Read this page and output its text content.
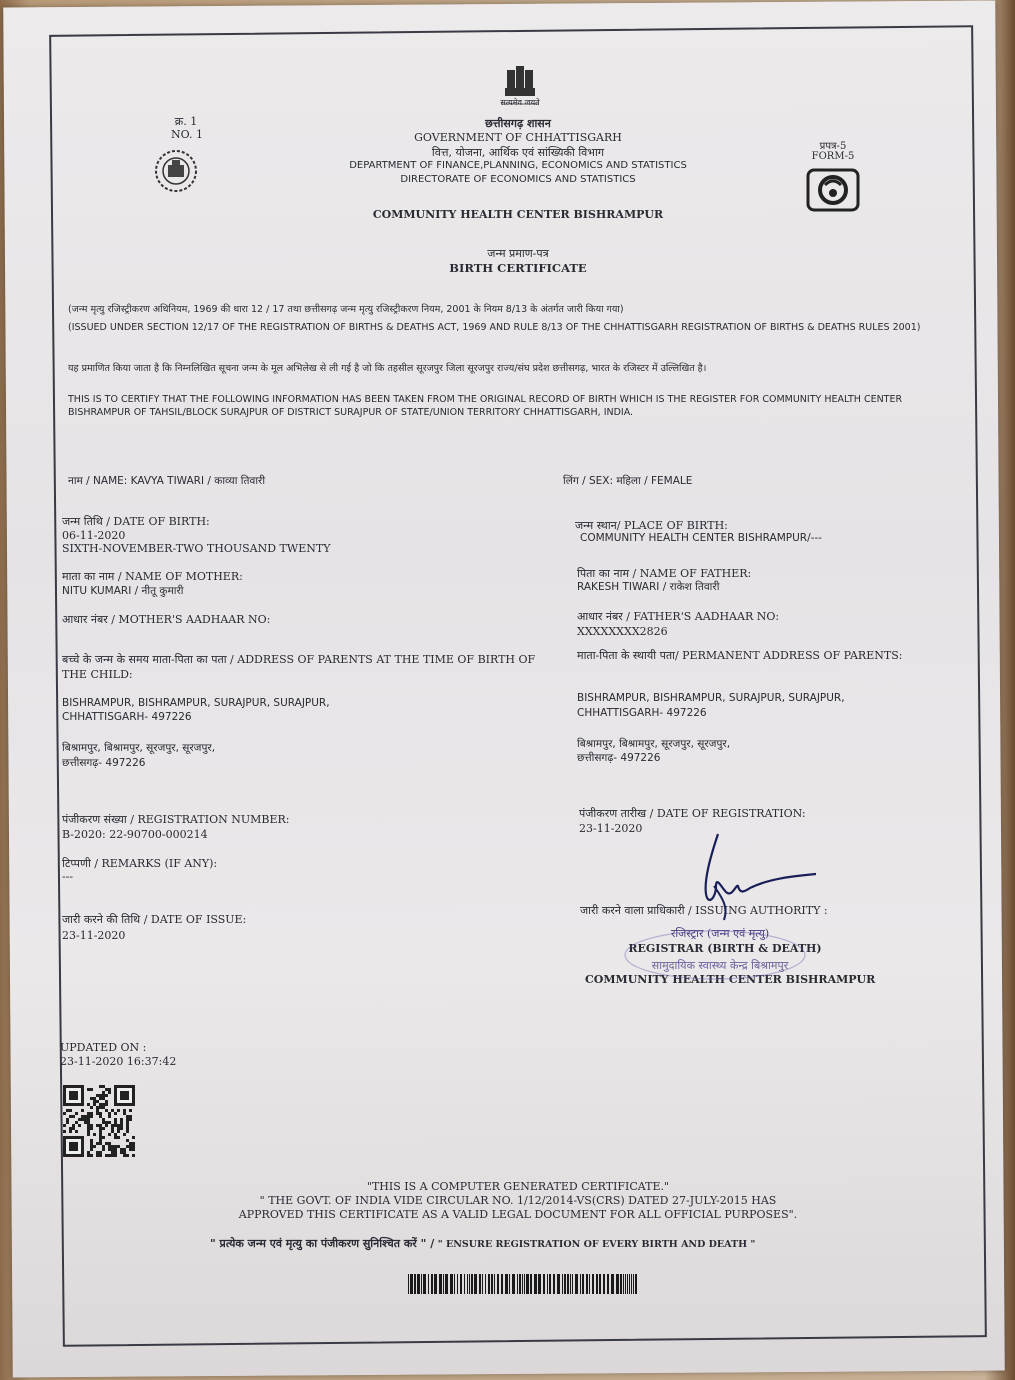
क्र. 1
NO. 1
सत्यमेव जयते
छत्तीसगढ़ शासन
GOVERNMENT OF CHHATTISGARH
वित्त, योजना, आर्थिक एवं सांख्यिकी विभाग
DEPARTMENT OF FINANCE,PLANNING, ECONOMICS AND STATISTICS
DIRECTORATE OF ECONOMICS AND STATISTICS
COMMUNITY HEALTH CENTER BISHRAMPUR
जन्म प्रमाण-पत्र
BIRTH CERTIFICATE
प्रपत्र-5
FORM-5
(जन्म मृत्यु रजिस्ट्रीकरण अधिनियम, 1969 की धारा 12 / 17 तथा छत्तीसगढ़ जन्म मृत्यु रजिस्ट्रीकरण नियम, 2001 के नियम 8/13 के अंतर्गत जारी किया गया)
(ISSUED UNDER SECTION 12/17 OF THE REGISTRATION OF BIRTHS & DEATHS ACT, 1969 AND RULE 8/13 OF THE CHHATTISGARH REGISTRATION OF BIRTHS & DEATHS RULES 2001)
यह प्रमाणित किया जाता है कि निम्नलिखित सूचना जन्म के मूल अभिलेख से ली गई है जो कि तहसील सूरजपुर जिला सूरजपुर राज्य/संघ प्रदेश छत्तीसगढ़, भारत के रजिस्टर में उल्लिखित है।
THIS IS TO CERTIFY THAT THE FOLLOWING INFORMATION HAS BEEN TAKEN FROM THE ORIGINAL RECORD OF BIRTH WHICH IS THE REGISTER FOR COMMUNITY HEALTH CENTER BISHRAMPUR OF TAHSIL/BLOCK SURAJPUR OF DISTRICT SURAJPUR OF STATE/UNION TERRITORY CHHATTISGARH, INDIA.
नाम / NAME: KAVYA TIWARI / काव्या तिवारी	लिंग / SEX: महिला / FEMALE
जन्म तिथि / DATE OF BIRTH:
06-11-2020
SIXTH-NOVEMBER-TWO THOUSAND TWENTY
जन्म स्थान/ PLACE OF BIRTH:
COMMUNITY HEALTH CENTER BISHRAMPUR/---
माता का नाम / NAME OF MOTHER:
NITU KUMARI / नीतू कुमारी
पिता का नाम / NAME OF FATHER:
RAKESH TIWARI / राकेश तिवारी
आधार नंबर / MOTHER'S AADHAAR NO:	आधार नंबर / FATHER'S AADHAAR NO:
XXXXXXXX2826
बच्चे के जन्म के समय माता-पिता का पता / ADDRESS OF PARENTS AT THE TIME OF BIRTH OF THE CHILD:
माता-पिता के स्थायी पता/ PERMANENT ADDRESS OF PARENTS:
BISHRAMPUR, BISHRAMPUR, SURAJPUR, SURAJPUR,
CHHATTISGARH- 497226
बिश्रामपुर, बिश्रामपुर, सूरजपुर, सूरजपुर,
छत्तीसगढ़- 497226
BISHRAMPUR, BISHRAMPUR, SURAJPUR, SURAJPUR,
CHHATTISGARH- 497226
बिश्रामपुर, बिश्रामपुर, सूरजपुर, सूरजपुर,
छत्तीसगढ़- 497226
पंजीकरण संख्या / REGISTRATION NUMBER:
B-2020: 22-90700-000214
पंजीकरण तारीख / DATE OF REGISTRATION:
23-11-2020
टिप्पणी / REMARKS (IF ANY):
---
जारी करने की तिथि / DATE OF ISSUE:
23-11-2020
जारी करने वाला प्राधिकारी / ISSUING AUTHORITY :
रजिस्ट्रार (जन्म एवं मृत्यु)
REGISTRAR (BIRTH & DEATH)
सामुदायिक स्वास्थ्य केन्द्र बिश्रामपुर
COMMUNITY HEALTH CENTER BISHRAMPUR
UPDATED ON :
23-11-2020 16:37:42
"THIS IS A COMPUTER GENERATED CERTIFICATE."
" THE GOVT. OF INDIA VIDE CIRCULAR NO. 1/12/2014-VS(CRS) DATED 27-JULY-2015 HAS
APPROVED THIS CERTIFICATE AS A VALID LEGAL DOCUMENT FOR ALL OFFICIAL PURPOSES".
" प्रत्येक जन्म एवं मृत्यु का पंजीकरण सुनिश्चित करें " / " ENSURE REGISTRATION OF EVERY BIRTH AND DEATH "
